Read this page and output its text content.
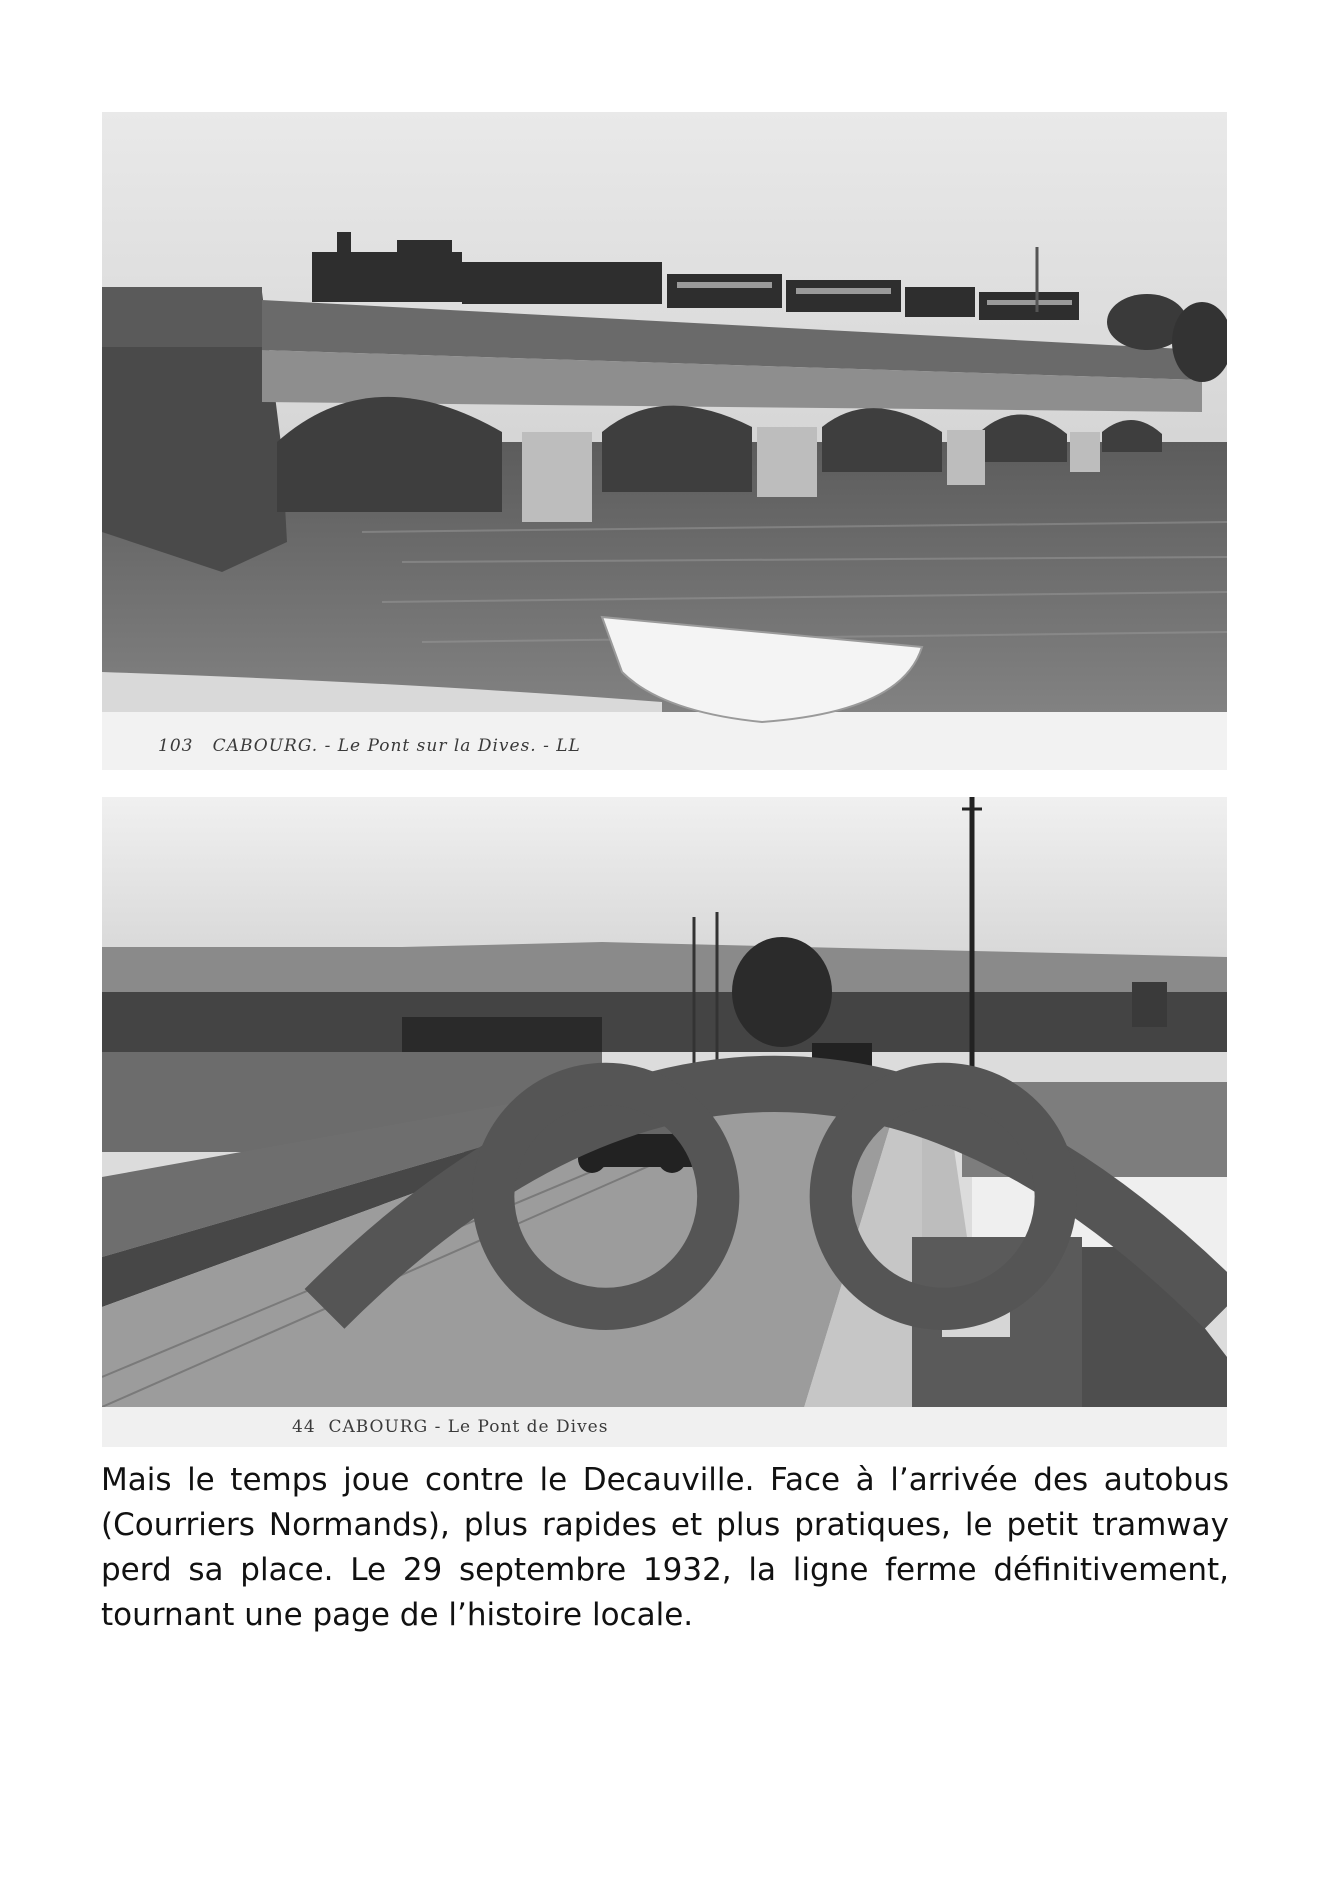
103   CABOURG. - Le Pont sur la Dives. - LL
44  CABOURG - Le Pont de Dives

Mais le temps joue contre le Decauville. Face à l’arrivée des autobus (Courriers Normands), plus rapides et plus pratiques, le petit tramway perd sa place. Le 29 septembre 1932, la ligne ferme définitivement, tournant une page de l’histoire locale.
